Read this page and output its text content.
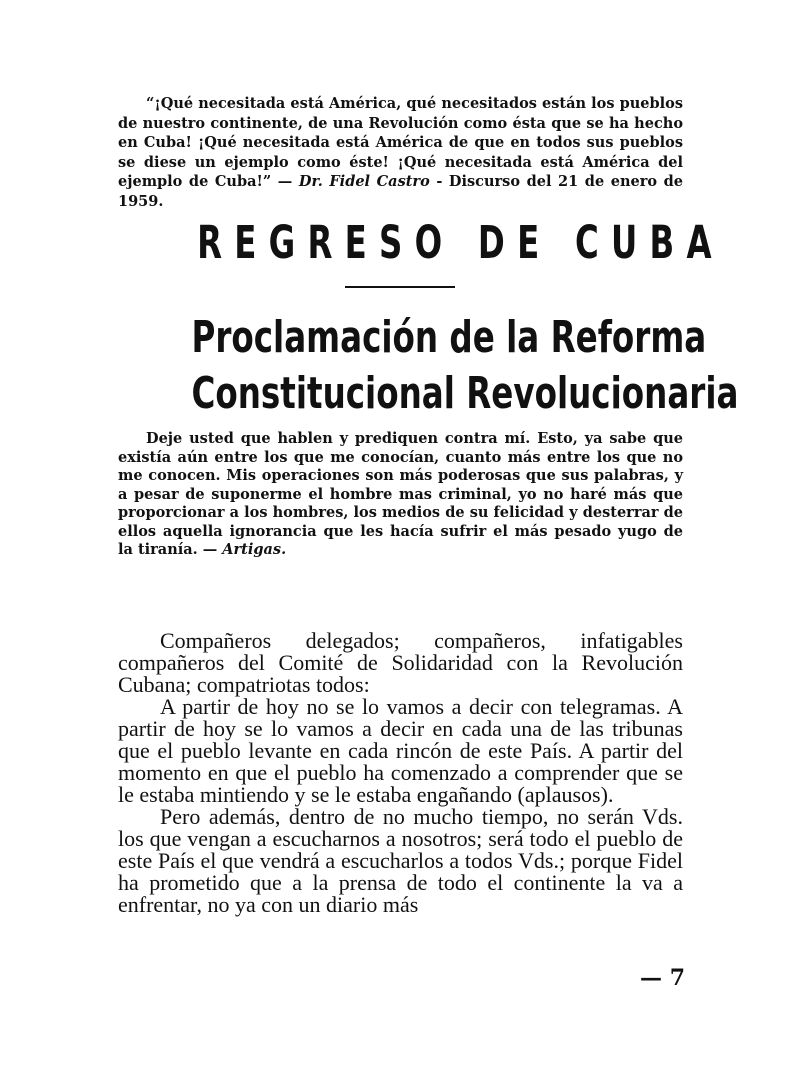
“¡Qué necesitada está América, qué necesitados están los pueblos de nuestro continente, de una Revolución como ésta que se ha hecho en Cuba! ¡Qué necesitada está América de que en todos sus pueblos se diese un ejemplo como éste! ¡Qué necesitada está América del ejemplo de Cuba!” — Dr. Fidel Castro - Discurso del 21 de enero de 1959.

REGRESO DE CUBA
Proclamación de la Reforma
Constitucional Revolucionaria

Deje usted que hablen y prediquen contra mí. Esto, ya sabe que existía aún entre los que me conocían, cuanto más entre los que no me conocen. Mis operaciones son más poderosas que sus palabras, y a pesar de suponerme el hombre mas criminal, yo no haré más que proporcionar a los hombres, los medios de su felicidad y desterrar de ellos aquella ignorancia que les hacía sufrir el más pesado yugo de la tiranía. — Artigas.

Compañeros delegados; compañeros, infatigables compañeros del Comité de Solidaridad con la Revolución Cubana; compatriotas todos:

A partir de hoy no se lo vamos a decir con telegramas. A partir de hoy se lo vamos a decir en cada una de las tribunas que el pueblo levante en cada rincón de este País. A partir del momento en que el pueblo ha comenzado a comprender que se le estaba mintiendo y se le estaba engañando (aplausos).

Pero además, dentro de no mucho tiempo, no serán Vds. los que vengan a escucharnos a nosotros; será todo el pueblo de este País el que vendrá a escucharlos a todos Vds.; porque Fidel ha prometido que a la prensa de todo el continente la va a enfrentar, no ya con un diario más

— 7
